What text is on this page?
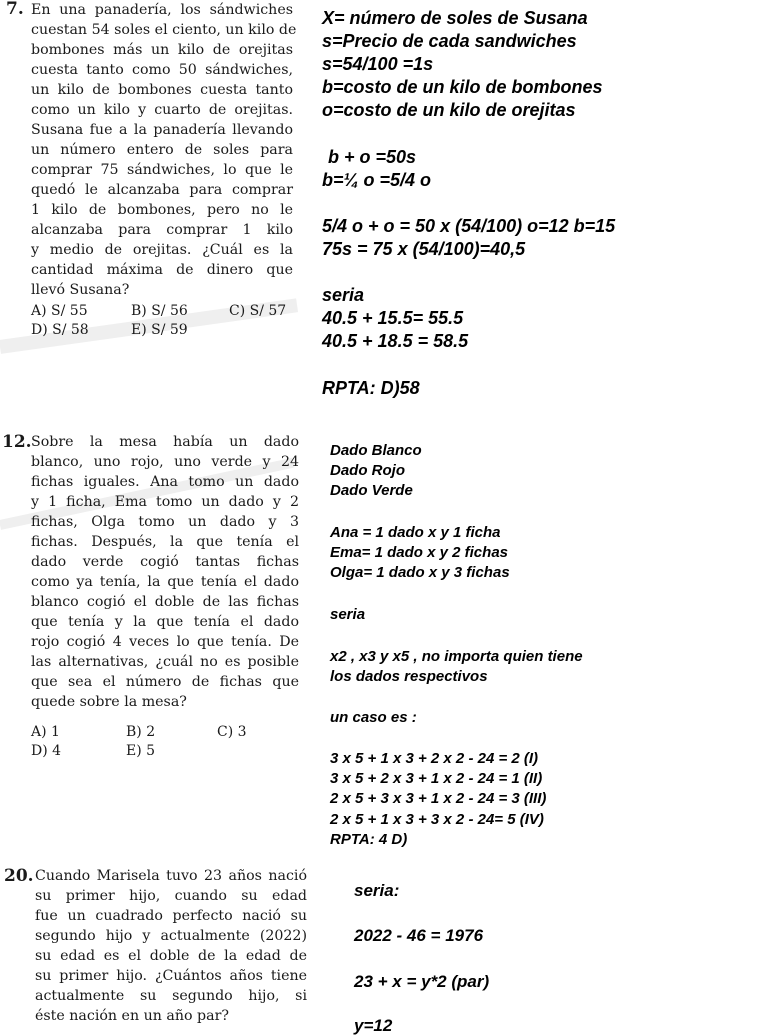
7. En una panadería, los sándwiches
cuestan 54 soles el ciento, un kilo de
bombones más un kilo de orejitas
cuesta tanto como 50 sándwiches,
un kilo de bombones cuesta tanto
como un kilo y cuarto de orejitas.
Susana fue a la panadería llevando
un número entero de soles para
comprar 75 sándwiches, lo que le
quedó le alcanzaba para comprar
1 kilo de bombones, pero no le
alcanzaba para comprar 1 kilo
y medio de orejitas. ¿Cuál es la
cantidad máxima de dinero que
llevó Susana?
A) S/ 55	B) S/ 56	C) S/ 57
D) S/ 58	E) S/ 59
X= número de soles de Susana
s=Precio de cada sandwiches
s=54/100 =1s
b=costo de un kilo de bombones
o=costo de un kilo de orejitas
b + o =50s
b=¼ o =5/4 o
5/4 o + o = 50 x (54/100) o=12 b=15
75s = 75 x (54/100)=40,5
seria
40.5 + 15.5= 55.5
40.5 + 18.5 = 58.5
RPTA: D)58
12. Sobre la mesa había un dado
blanco, uno rojo, uno verde y 24
fichas iguales. Ana tomo un dado
y 1 ficha, Ema tomo un dado y 2
fichas, Olga tomo un dado y 3
fichas. Después, la que tenía el
dado verde cogió tantas fichas
como ya tenía, la que tenía el dado
blanco cogió el doble de las fichas
que tenía y la que tenía el dado
rojo cogió 4 veces lo que tenía. De
las alternativas, ¿cuál no es posible
que sea el número de fichas que
quede sobre la mesa?
A) 1	B) 2	C) 3
D) 4	E) 5
Dado Blanco
Dado Rojo
Dado Verde
Ana = 1 dado x y 1 ficha
Ema= 1 dado x y 2 fichas
Olga= 1 dado x y 3 fichas
seria
x2 , x3 y x5 , no importa quien tiene
los dados respectivos
un caso es :
3 x 5 + 1 x 3 + 2 x 2 - 24 = 2 (I)
3 x 5 + 2 x 3 + 1 x 2 - 24 = 1 (II)
2 x 5 + 3 x 3 + 1 x 2 - 24 = 3 (III)
2 x 5 + 1 x 3 + 3 x 2 - 24= 5 (IV)
RPTA: 4 D)
20. Cuando Marisela tuvo 23 años nació
su primer hijo, cuando su edad
fue un cuadrado perfecto nació su
segundo hijo y actualmente (2022)
su edad es el doble de la edad de
su primer hijo. ¿Cuántos años tiene
actualmente su segundo hijo, si
éste nación en un año par?
seria:
2022 - 46 = 1976
23 + x = y*2 (par)
y=12
